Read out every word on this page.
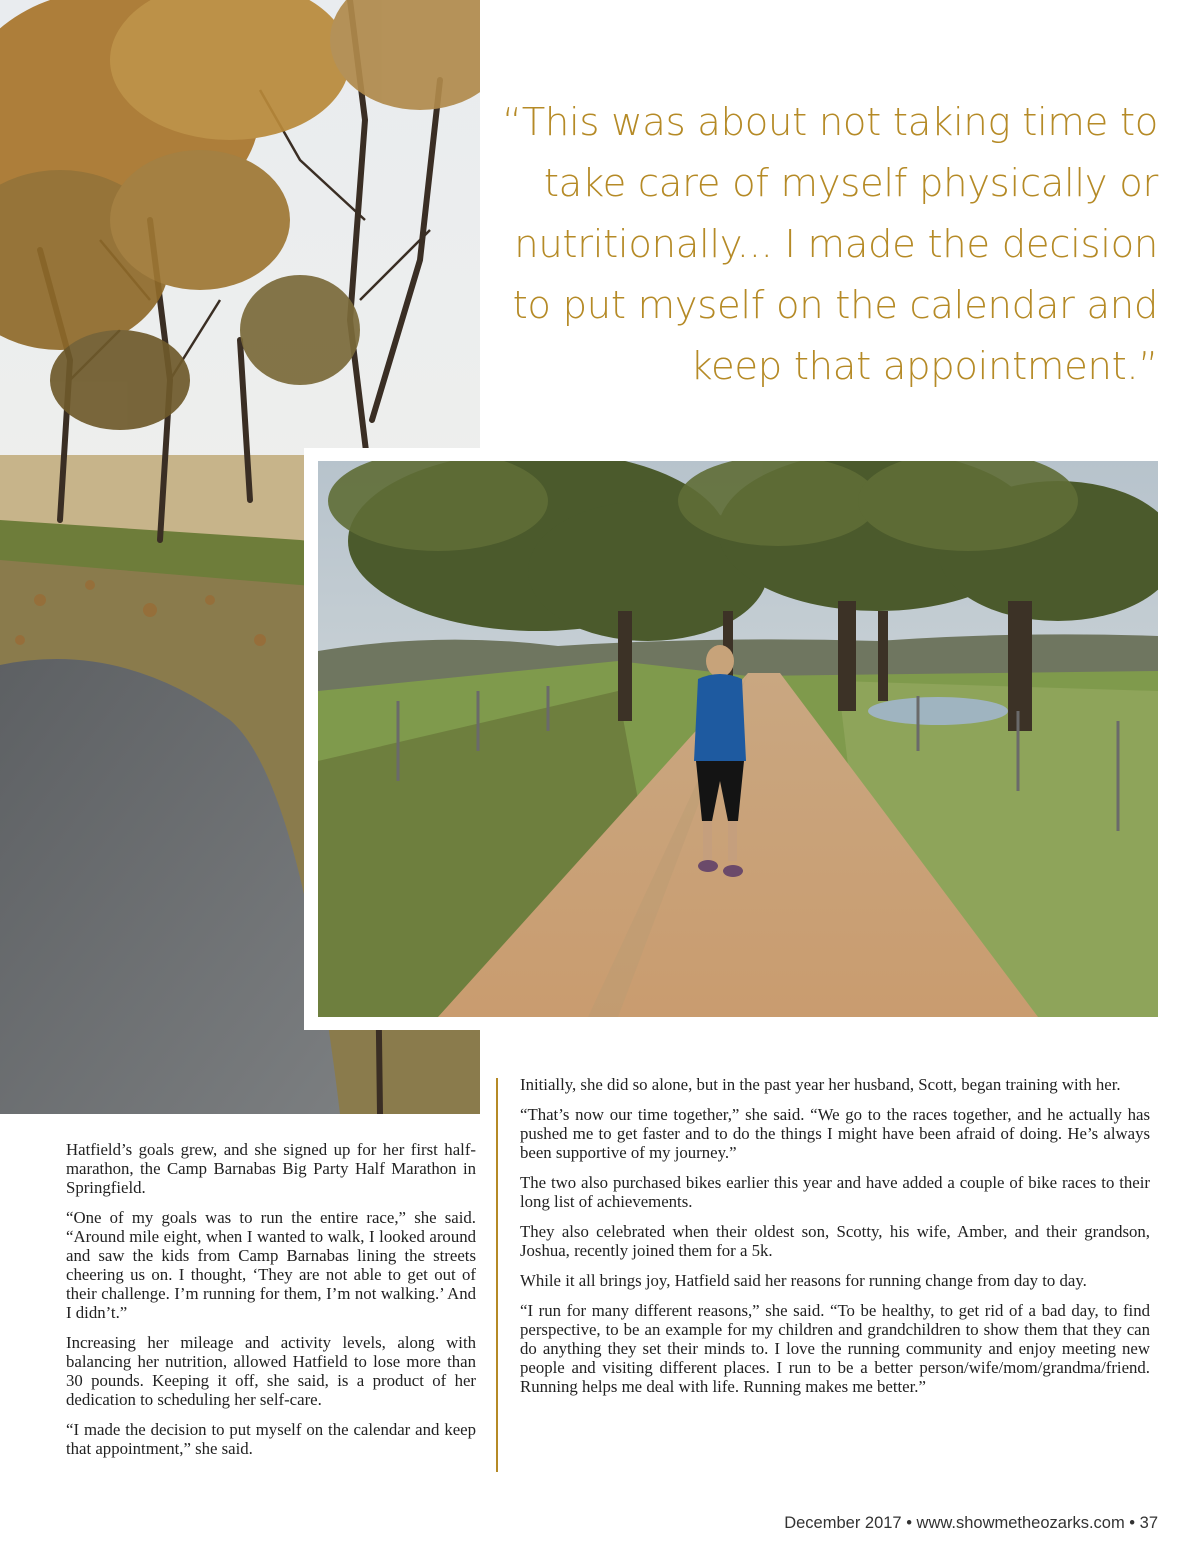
“This was about not taking time to take care of myself physically or nutritionally... I made the decision to put myself on the calendar and keep that appointment.”

Hatfield’s goals grew, and she signed up for her first half-marathon, the Camp Barnabas Big Party Half Marathon in Springfield.

“One of my goals was to run the entire race,” she said. “Around mile eight, when I wanted to walk, I looked around and saw the kids from Camp Barnabas lining the streets cheering us on. I thought, ‘They are not able to get out of their challenge. I’m running for them, I’m not walking.’ And I didn’t.”

Increasing her mileage and activity levels, along with balancing her nutrition, allowed Hatfield to lose more than 30 pounds. Keeping it off, she said, is a product of her dedication to scheduling her self-care.

“I made the decision to put myself on the calendar and keep that appointment,” she said.

Initially, she did so alone, but in the past year her husband, Scott, began training with her.

“That’s now our time together,” she said. “We go to the races together, and he actually has pushed me to get faster and to do the things I might have been afraid of doing. He’s always been supportive of my journey.”

The two also purchased bikes earlier this year and have added a couple of bike races to their long list of achievements.

They also celebrated when their oldest son, Scotty, his wife, Amber, and their grandson, Joshua, recently joined them for a 5k.

While it all brings joy, Hatfield said her reasons for running change from day to day.

“I run for many different reasons,” she said. “To be healthy, to get rid of a bad day, to find perspective, to be an example for my children and grandchildren to show them that they can do anything they set their minds to. I love the running community and enjoy meeting new people and visiting different places. I run to be a better person/wife/mom/grandma/friend. Running helps me deal with life. Running makes me better.”

December 2017 • www.showmetheozarks.com • 37
